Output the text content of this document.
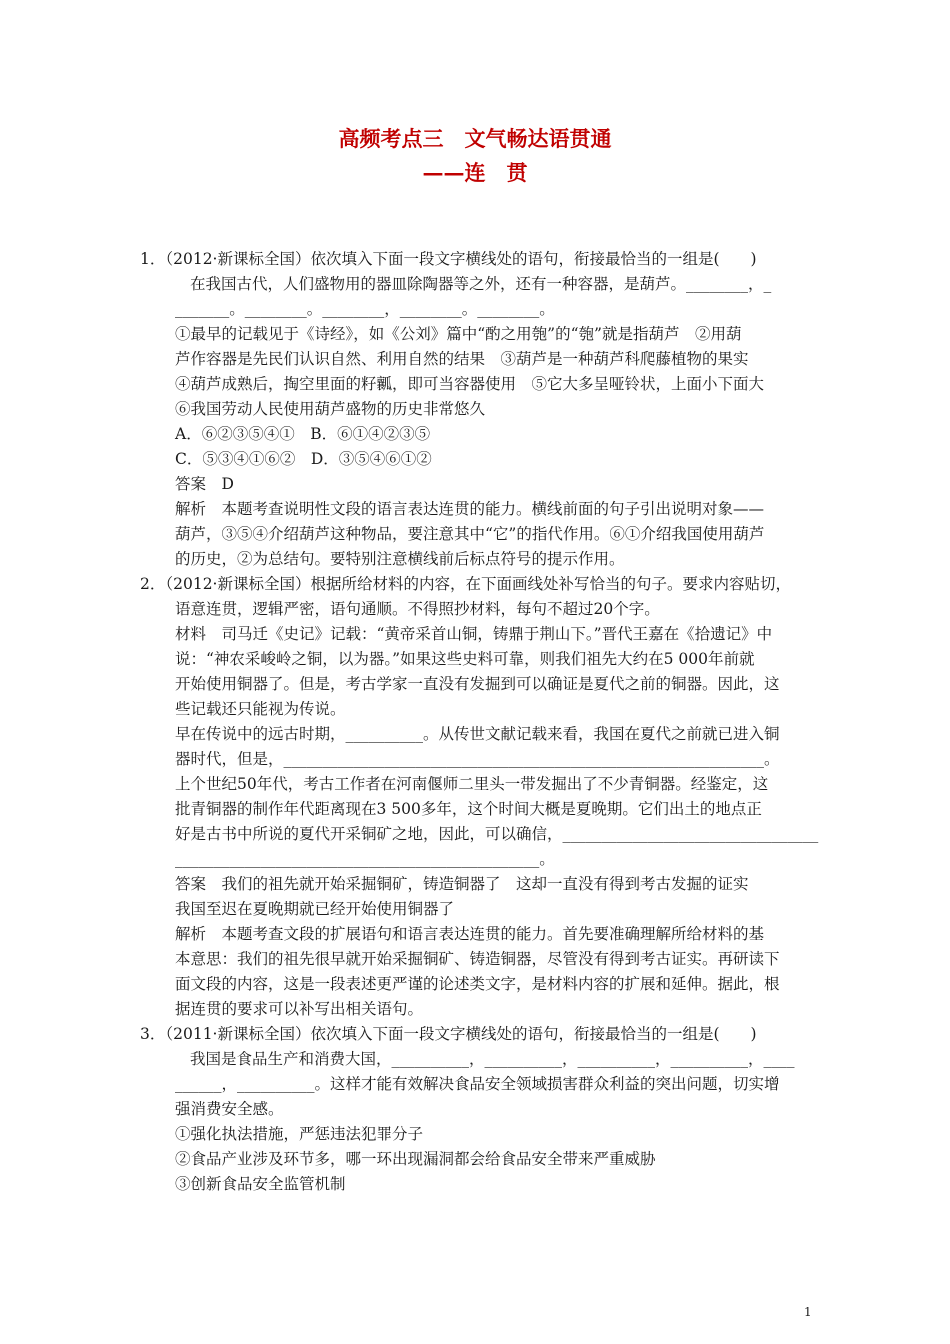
高频考点三　文气畅达语贯通
——连　贯
1．（2012·新课标全国）依次填入下面一段文字横线处的语句，衔接最恰当的一组是(　　)
在我国古代，人们盛物用的器皿除陶器等之外，还有一种容器，是葫芦。________，_
_______。________。________，________。________。
①最早的记载见于《诗经》，如《公刘》篇中“酌之用匏”的“匏”就是指葫芦　②用葫
芦作容器是先民们认识自然、利用自然的结果　③葫芦是一种葫芦科爬藤植物的果实
④葫芦成熟后，掏空里面的籽瓤，即可当容器使用　⑤它大多呈哑铃状，上面小下面大
⑥我国劳动人民使用葫芦盛物的历史非常悠久
A．⑥②③⑤④①　B．⑥①④②③⑤
C．⑤③④①⑥②　D．③⑤④⑥①②
答案　D
解析　本题考查说明性文段的语言表达连贯的能力。横线前面的句子引出说明对象——
葫芦，③⑤④介绍葫芦这种物品，要注意其中“它”的指代作用。⑥①介绍我国使用葫芦
的历史，②为总结句。要特别注意横线前后标点符号的提示作用。
2．（2012·新课标全国）根据所给材料的内容，在下面画线处补写恰当的句子。要求内容贴切，
语意连贯，逻辑严密，语句通顺。不得照抄材料，每句不超过20个字。
材料　司马迁《史记》记载：“黄帝采首山铜，铸鼎于荆山下。”晋代王嘉在《拾遗记》中
说：“神农采峻岭之铜，以为器。”如果这些史料可靠，则我们祖先大约在5 000年前就
开始使用铜器了。但是，考古学家一直没有发掘到可以确证是夏代之前的铜器。因此，这
些记载还只能视为传说。
早在传说中的远古时期，__________。从传世文献记载来看，我国在夏代之前就已进入铜
器时代，但是，______________________________________________________________。
上个世纪50年代，考古工作者在河南偃师二里头一带发掘出了不少青铜器。经鉴定，这
批青铜器的制作年代距离现在3 500多年，这个时间大概是夏晚期。它们出土的地点正
好是古书中所说的夏代开采铜矿之地，因此，可以确信，_________________________________
_______________________________________________。
答案　我们的祖先就开始采掘铜矿，铸造铜器了　这却一直没有得到考古发掘的证实
我国至迟在夏晚期就已经开始使用铜器了
解析　本题考查文段的扩展语句和语言表达连贯的能力。首先要准确理解所给材料的基
本意思：我们的祖先很早就开始采掘铜矿、铸造铜器，尽管没有得到考古证实。再研读下
面文段的内容，这是一段表述更严谨的论述类文字，是材料内容的扩展和延伸。据此，根
据连贯的要求可以补写出相关语句。
3．（2011·新课标全国）依次填入下面一段文字横线处的语句，衔接最恰当的一组是(　　)
我国是食品生产和消费大国，__________，__________，__________，__________，____
______，__________。这样才能有效解决食品安全领域损害群众利益的突出问题，切实增
强消费安全感。
①强化执法措施，严惩违法犯罪分子
②食品产业涉及环节多，哪一环出现漏洞都会给食品安全带来严重威胁
③创新食品安全监管机制
1
